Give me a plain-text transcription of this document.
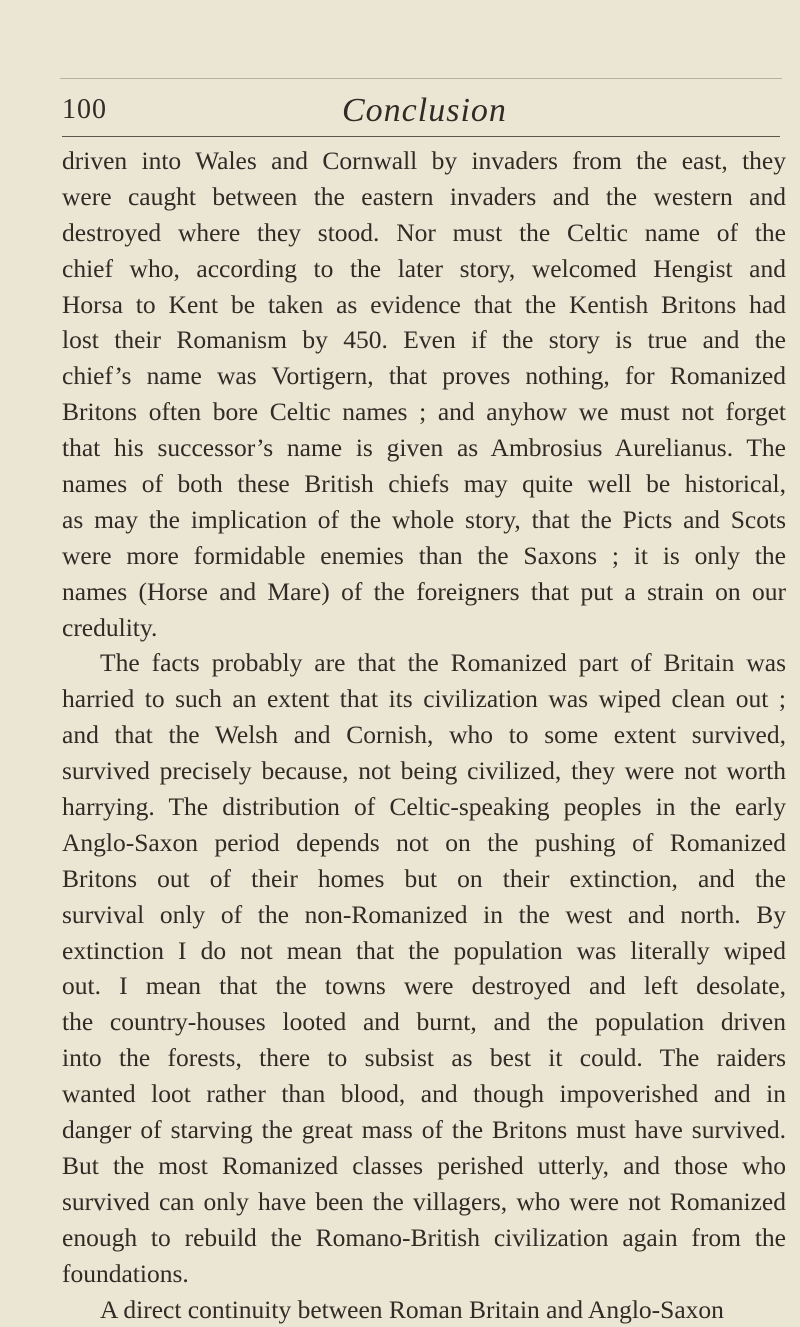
100	Conclusion
driven into Wales and Cornwall by invaders from the east, they
were caught between the eastern invaders and the western and
destroyed where they stood. Nor must the Celtic name of the
chief who, according to the later story, welcomed Hengist and
Horsa to Kent be taken as evidence that the Kentish Britons had
lost their Romanism by 450. Even if the story is true and the
chief’s name was Vortigern, that proves nothing, for Romanized
Britons often bore Celtic names ; and anyhow we must not forget
that his successor’s name is given as Ambrosius Aurelianus. The
names of both these British chiefs may quite well be historical,
as may the implication of the whole story, that the Picts and Scots
were more formidable enemies than the Saxons ; it is only the
names (Horse and Mare) of the foreigners that put a strain on our
credulity.
The facts probably are that the Romanized part of Britain was
harried to such an extent that its civilization was wiped clean out ;
and that the Welsh and Cornish, who to some extent survived,
survived precisely because, not being civilized, they were not worth
harrying. The distribution of Celtic-speaking peoples in the early
Anglo-Saxon period depends not on the pushing of Romanized
Britons out of their homes but on their extinction, and the
survival only of the non-Romanized in the west and north. By
extinction I do not mean that the population was literally wiped
out. I mean that the towns were destroyed and left desolate,
the country-houses looted and burnt, and the population driven
into the forests, there to subsist as best it could. The raiders
wanted loot rather than blood, and though impoverished and in
danger of starving the great mass of the Britons must have survived.
But the most Romanized classes perished utterly, and those who
survived can only have been the villagers, who were not Romanized
enough to rebuild the Romano-British civilization again from the
foundations.
A direct continuity between Roman Britain and Anglo-Saxon
